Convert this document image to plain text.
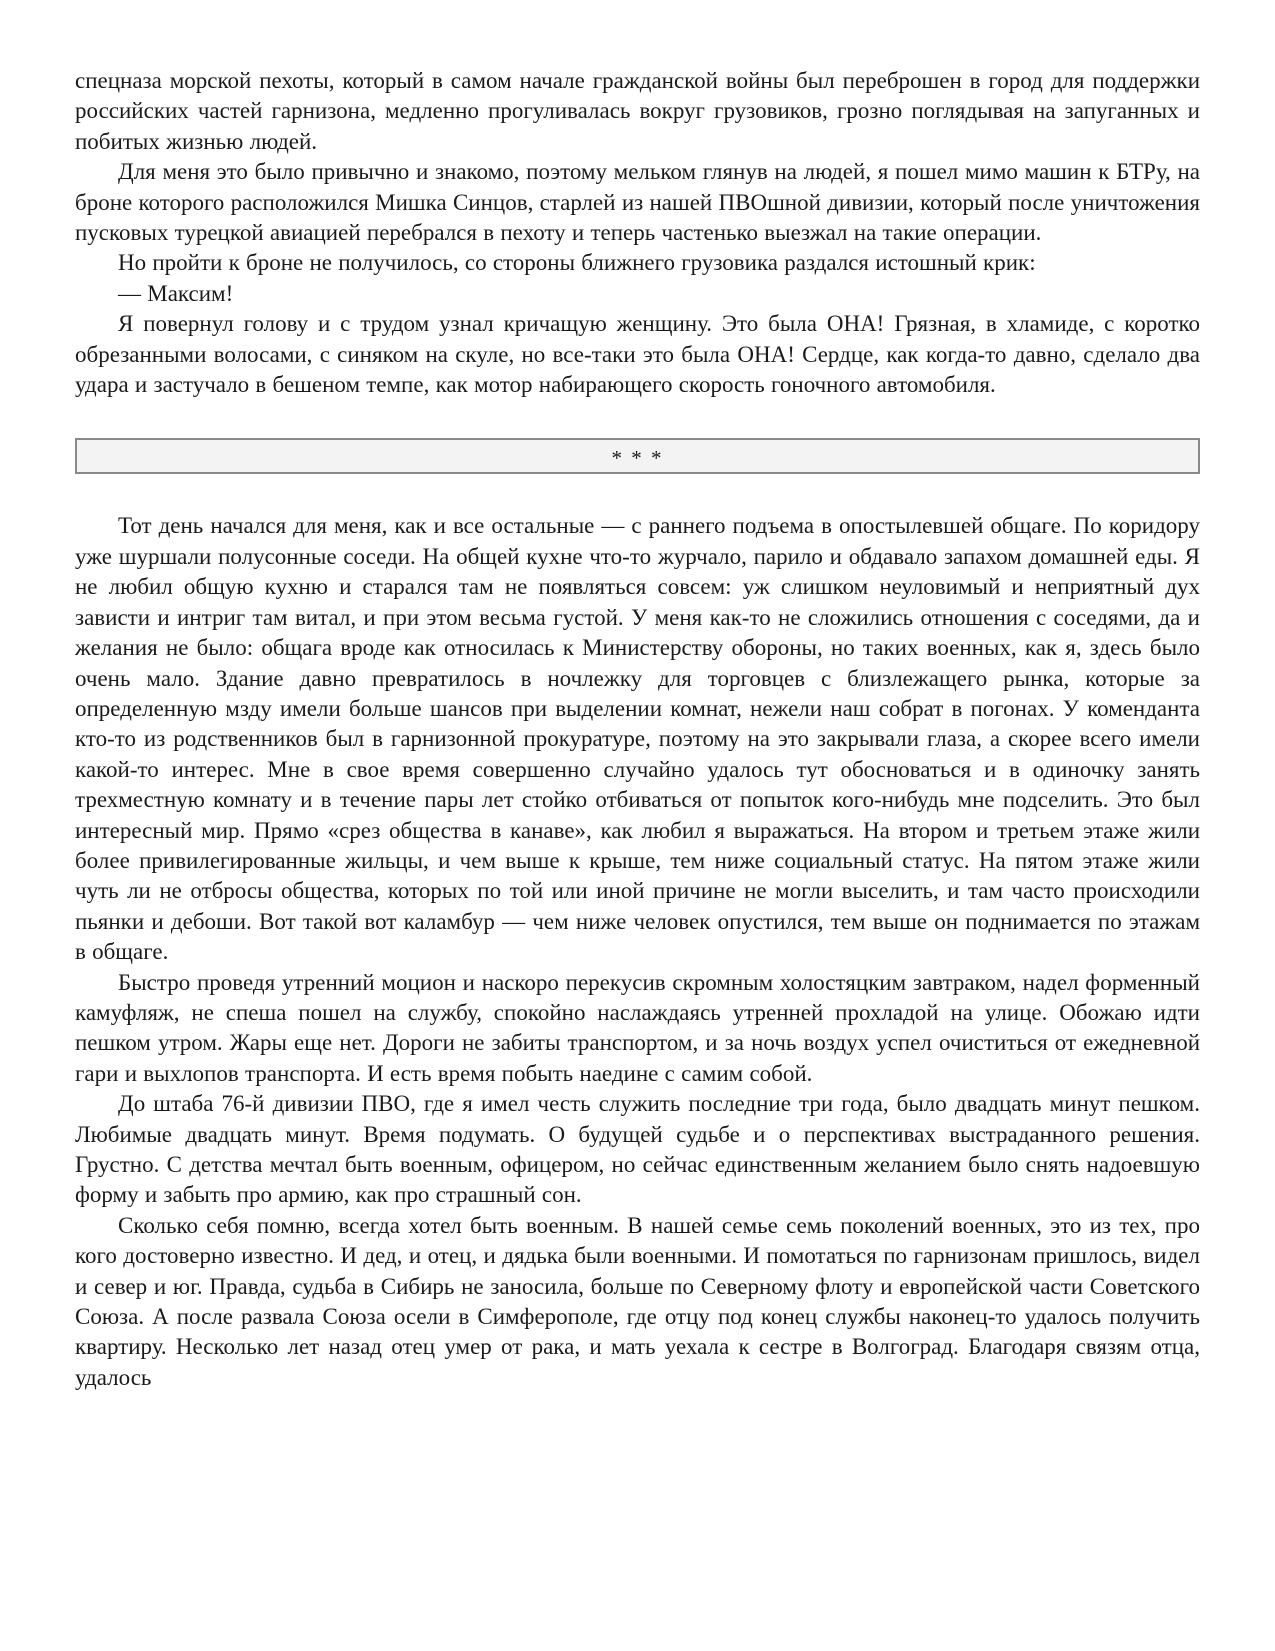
спецназа морской пехоты, который в самом начале гражданской войны был переброшен в город для поддержки российских частей гарнизона, медленно прогуливалась вокруг грузовиков, грозно поглядывая на запуганных и побитых жизнью людей.

Для меня это было привычно и знакомо, поэтому мельком глянув на людей, я пошел мимо машин к БТРу, на броне которого расположился Мишка Синцов, старлей из нашей ПВОшной дивизии, который после уничтожения пусковых турецкой авиацией перебрался в пехоту и теперь частенько выезжал на такие операции.

Но пройти к броне не получилось, со стороны ближнего грузовика раздался истошный крик:

— Максим!

Я повернул голову и с трудом узнал кричащую женщину. Это была ОНА! Грязная, в хламиде, с коротко обрезанными волосами, с синяком на скуле, но все-таки это была ОНА! Сердце, как когда-то давно, сделало два удара и застучало в бешеном темпе, как мотор набирающего скорость гоночного автомобиля.

* * *

Тот день начался для меня, как и все остальные — с раннего подъема в опостылевшей общаге. По коридору уже шуршали полусонные соседи. На общей кухне что-то журчало, парило и обдавало запахом домашней еды. Я не любил общую кухню и старался там не появляться совсем: уж слишком неуловимый и неприятный дух зависти и интриг там витал, и при этом весьма густой. У меня как-то не сложились отношения с соседями, да и желания не было: общага вроде как относилась к Министерству обороны, но таких военных, как я, здесь было очень мало. Здание давно превратилось в ночлежку для торговцев с близлежащего рынка, которые за определенную мзду имели больше шансов при выделении комнат, нежели наш собрат в погонах. У коменданта кто-то из родственников был в гарнизонной прокуратуре, поэтому на это закрывали глаза, а скорее всего имели какой-то интерес. Мне в свое время совершенно случайно удалось тут обосноваться и в одиночку занять трехместную комнату и в течение пары лет стойко отбиваться от попыток кого-нибудь мне подселить. Это был интересный мир. Прямо «срез общества в канаве», как любил я выражаться. На втором и третьем этаже жили более привилегированные жильцы, и чем выше к крыше, тем ниже социальный статус. На пятом этаже жили чуть ли не отбросы общества, которых по той или иной причине не могли выселить, и там часто происходили пьянки и дебоши. Вот такой вот каламбур — чем ниже человек опустился, тем выше он поднимается по этажам в общаге.

Быстро проведя утренний моцион и наскоро перекусив скромным холостяцким завтраком, надел форменный камуфляж, не спеша пошел на службу, спокойно наслаждаясь утренней прохладой на улице. Обожаю идти пешком утром. Жары еще нет. Дороги не забиты транспортом, и за ночь воздух успел очиститься от ежедневной гари и выхлопов транспорта. И есть время побыть наедине с самим собой.

До штаба 76-й дивизии ПВО, где я имел честь служить последние три года, было двадцать минут пешком. Любимые двадцать минут. Время подумать. О будущей судьбе и о перспективах выстраданного решения. Грустно. С детства мечтал быть военным, офицером, но сейчас единственным желанием было снять надоевшую форму и забыть про армию, как про страшный сон.

Сколько себя помню, всегда хотел быть военным. В нашей семье семь поколений военных, это из тех, про кого достоверно известно. И дед, и отец, и дядька были военными. И помотаться по гарнизонам пришлось, видел и север и юг. Правда, судьба в Сибирь не заносила, больше по Северному флоту и европейской части Советского Союза. А после развала Союза осели в Симферополе, где отцу под конец службы наконец-то удалось получить квартиру. Несколько лет назад отец умер от рака, и мать уехала к сестре в Волгоград. Благодаря связям отца, удалось
